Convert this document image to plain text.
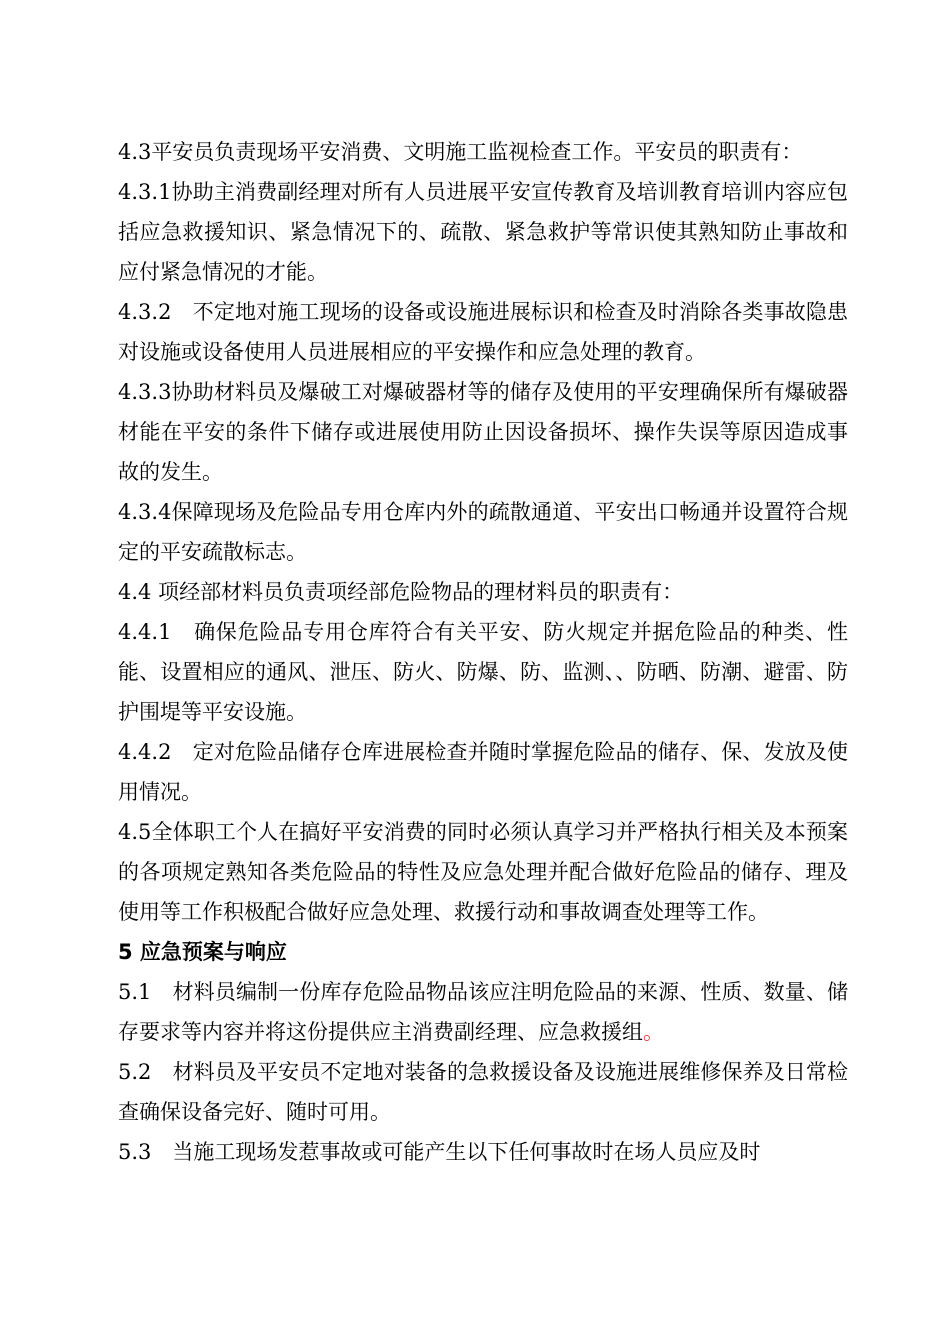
4.3平安员负责现场平安消费、文明施工监视检查工作。平安员的职责有：

4.3.1协助主消费副经理对所有人员进展平安宣传教育及培训教育培训内容应包括应急救援知识、紧急情况下的、疏散、紧急救护等常识使其熟知防止事故和应付紧急情况的才能。

4.3.2　不定地对施工现场的设备或设施进展标识和检查及时消除各类事故隐患对设施或设备使用人员进展相应的平安操作和应急处理的教育。

4.3.3协助材料员及爆破工对爆破器材等的储存及使用的平安理确保所有爆破器材能在平安的条件下储存或进展使用防止因设备损坏、操作失误等原因造成事故的发生。

4.3.4保障现场及危险品专用仓库内外的疏散通道、平安出口畅通并设置符合规定的平安疏散标志。

4.4 项经部材料员负责项经部危险物品的理材料员的职责有：

4.4.1　确保危险品专用仓库符合有关平安、防火规定并据危险品的种类、性能、设置相应的通风、泄压、防火、防爆、防、监测、、防晒、防潮、避雷、防护围堤等平安设施。

4.4.2　定对危险品储存仓库进展检查并随时掌握危险品的储存、保、发放及使用情况。

4.5全体职工个人在搞好平安消费的同时必须认真学习并严格执行相关及本预案的各项规定熟知各类危险品的特性及应急处理并配合做好危险品的储存、理及使用等工作积极配合做好应急处理、救援行动和事故调查处理等工作。

5 应急预案与响应

5.1　材料员编制一份库存危险品物品该应注明危险品的来源、性质、数量、储存要求等内容并将这份提供应主消费副经理、应急救援组。

5.2　材料员及平安员不定地对装备的急救援设备及设施进展维修保养及日常检查确保设备完好、随时可用。

5.3　当施工现场发惹事故或可能产生以下任何事故时在场人员应及时
